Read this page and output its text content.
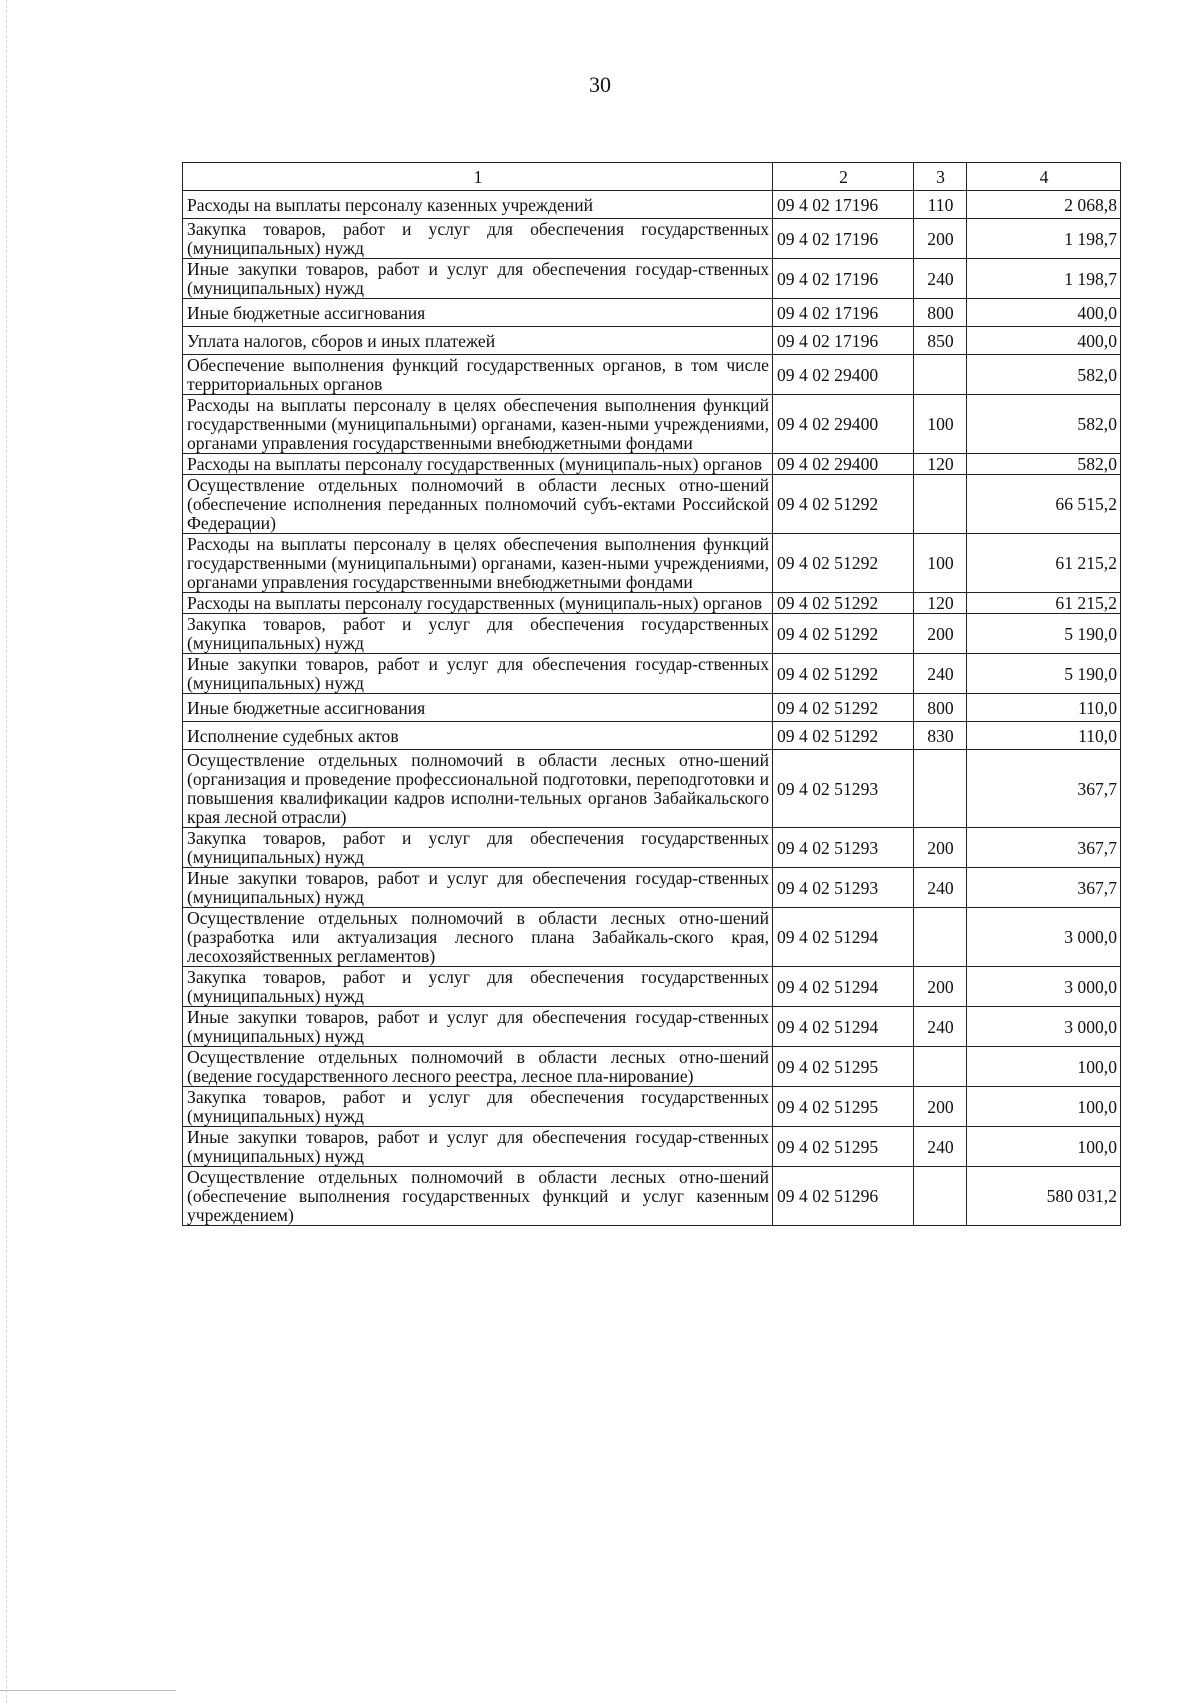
30
1	2	3	4
Расходы на выплаты персоналу казенных учреждений	09 4 02 17196	110	2 068,8
Закупка товаров, работ и услуг для обеспечения государственных (муниципальных) нужд	09 4 02 17196	200	1 198,7
Иные закупки товаров, работ и услуг для обеспечения государ-ственных (муниципальных) нужд	09 4 02 17196	240	1 198,7
Иные бюджетные ассигнования	09 4 02 17196	800	400,0
Уплата налогов, сборов и иных платежей	09 4 02 17196	850	400,0
Обеспечение выполнения функций государственных органов, в том числе территориальных органов	09 4 02 29400		582,0
Расходы на выплаты персоналу в целях обеспечения выполнения функций государственными (муниципальными) органами, казен-ными учреждениями, органами управления государственными внебюджетными фондами	09 4 02 29400	100	582,0
Расходы на выплаты персоналу государственных (муниципаль-ных) органов	09 4 02 29400	120	582,0
Осуществление отдельных полномочий в области лесных отно-шений (обеспечение исполнения переданных полномочий субъ-ектами Российской Федерации)	09 4 02 51292		66 515,2
Расходы на выплаты персоналу в целях обеспечения выполнения функций государственными (муниципальными) органами, казен-ными учреждениями, органами управления государственными внебюджетными фондами	09 4 02 51292	100	61 215,2
Расходы на выплаты персоналу государственных (муниципаль-ных) органов	09 4 02 51292	120	61 215,2
Закупка товаров, работ и услуг для обеспечения государственных (муниципальных) нужд	09 4 02 51292	200	5 190,0
Иные закупки товаров, работ и услуг для обеспечения государ-ственных (муниципальных) нужд	09 4 02 51292	240	5 190,0
Иные бюджетные ассигнования	09 4 02 51292	800	110,0
Исполнение судебных актов	09 4 02 51292	830	110,0
Осуществление отдельных полномочий в области лесных отно-шений (организация и проведение профессиональной подготовки, переподготовки и повышения квалификации кадров исполни-тельных органов Забайкальского края лесной отрасли)	09 4 02 51293		367,7
Закупка товаров, работ и услуг для обеспечения государственных (муниципальных) нужд	09 4 02 51293	200	367,7
Иные закупки товаров, работ и услуг для обеспечения государ-ственных (муниципальных) нужд	09 4 02 51293	240	367,7
Осуществление отдельных полномочий в области лесных отно-шений (разработка или актуализация лесного плана Забайкаль-ского края, лесохозяйственных регламентов)	09 4 02 51294		3 000,0
Закупка товаров, работ и услуг для обеспечения государственных (муниципальных) нужд	09 4 02 51294	200	3 000,0
Иные закупки товаров, работ и услуг для обеспечения государ-ственных (муниципальных) нужд	09 4 02 51294	240	3 000,0
Осуществление отдельных полномочий в области лесных отно-шений (ведение государственного лесного реестра, лесное пла-нирование)	09 4 02 51295		100,0
Закупка товаров, работ и услуг для обеспечения государственных (муниципальных) нужд	09 4 02 51295	200	100,0
Иные закупки товаров, работ и услуг для обеспечения государ-ственных (муниципальных) нужд	09 4 02 51295	240	100,0
Осуществление отдельных полномочий в области лесных отно-шений (обеспечение выполнения государственных функций и услуг казенным учреждением)	09 4 02 51296		580 031,2
